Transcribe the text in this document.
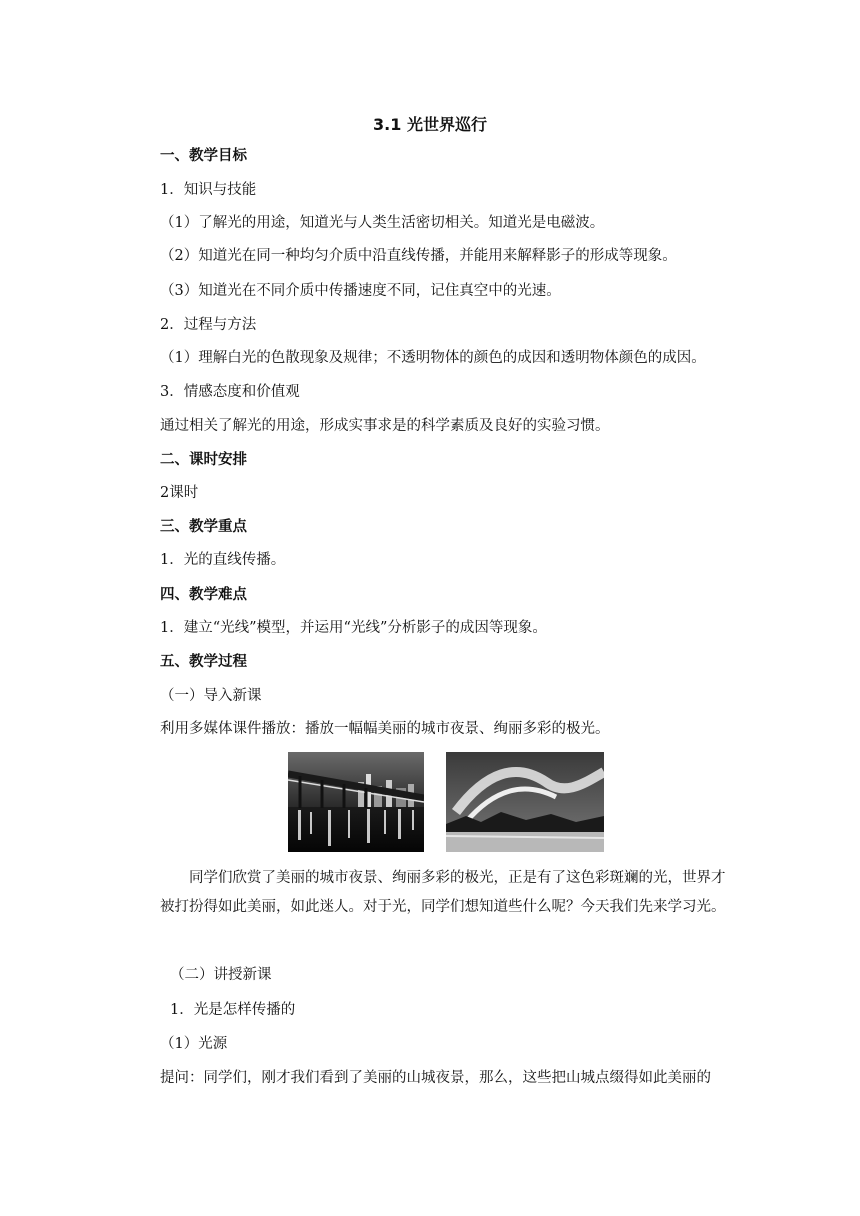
3.1 光世界巡行
一、教学目标
1．知识与技能
（1）了解光的用途，知道光与人类生活密切相关。知道光是电磁波。
（2）知道光在同一种均匀介质中沿直线传播，并能用来解释影子的形成等现象。
（3）知道光在不同介质中传播速度不同，记住真空中的光速。
2．过程与方法
（1）理解白光的色散现象及规律；不透明物体的颜色的成因和透明物体颜色的成因。
3．情感态度和价值观
通过相关了解光的用途，形成实事求是的科学素质及良好的实验习惯。
二、课时安排
2课时
三、教学重点
1．光的直线传播。
四、教学难点
1．建立“光线”模型，并运用“光线”分析影子的成因等现象。
五、教学过程
（一）导入新课
利用多媒体课件播放：播放一幅幅美丽的城市夜景、绚丽多彩的极光。
同学们欣赏了美丽的城市夜景、绚丽多彩的极光，正是有了这色彩斑斓的光，世界才被打扮得如此美丽，如此迷人。对于光，同学们想知道些什么呢？今天我们先来学习光。
（二）讲授新课
1．光是怎样传播的
（1）光源
提问：同学们，刚才我们看到了美丽的山城夜景，那么，这些把山城点缀得如此美丽的
